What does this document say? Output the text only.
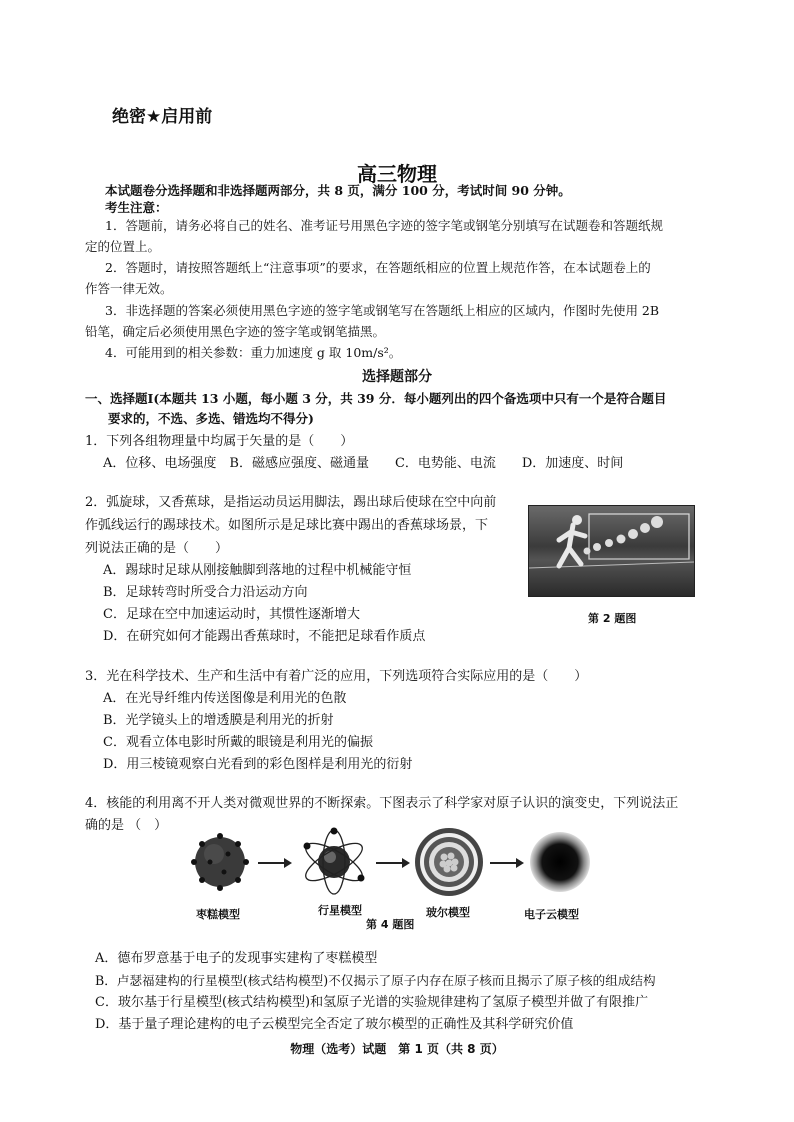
绝密★启用前
高三物理
本试题卷分选择题和非选择题两部分，共 8 页，满分 100 分，考试时间 90 分钟。
考生注意：
1．答题前，请务必将自己的姓名、准考证号用黑色字迹的签字笔或钢笔分别填写在试题卷和答题纸规
定的位置上。
2．答题时，请按照答题纸上“注意事项”的要求，在答题纸相应的位置上规范作答，在本试题卷上的
作答一律无效。
3．非选择题的答案必须使用黑色字迹的签字笔或钢笔写在答题纸上相应的区域内，作图时先使用 2B
铅笔，确定后必须使用黑色字迹的签字笔或钢笔描黑。
4．可能用到的相关参数：重力加速度 g 取 10m/s²。
选择题部分
一、选择题Ⅰ(本题共 13 小题，每小题 3 分，共 39 分．每小题列出的四个备选项中只有一个是符合题目
要求的，不选、多选、错选均不得分)
1．下列各组物理量中均属于矢量的是（　　）
A．位移、电场强度　B．磁感应强度、磁通量　　C．电势能、电流　　D．加速度、时间
2．弧旋球，又香蕉球，是指运动员运用脚法，踢出球后使球在空中向前
作弧线运行的踢球技术。如图所示是足球比赛中踢出的香蕉球场景，下
列说法正确的是（　　）
A．踢球时足球从刚接触脚到落地的过程中机械能守恒
B．足球转弯时所受合力沿运动方向
C．足球在空中加速运动时，其惯性逐渐增大
D．在研究如何才能踢出香蕉球时，不能把足球看作质点
第 2 题图
3．光在科学技术、生产和生活中有着广泛的应用，下列选项符合实际应用的是（　　）
A．在光导纤维内传送图像是利用光的色散
B．光学镜头上的增透膜是利用光的折射
C．观看立体电影时所戴的眼镜是利用光的偏振
D．用三棱镜观察白光看到的彩色图样是利用光的衍射
4．核能的利用离不开人类对微观世界的不断探索。下图表示了科学家对原子认识的演变史，下列说法正
确的是 （　）
枣糕模型	行星模型	玻尔模型	电子云模型
第 4 题图
A．德布罗意基于电子的发现事实建构了枣糕模型
B．卢瑟福建构的行星模型(核式结构模型)不仅揭示了原子内存在原子核而且揭示了原子核的组成结构
C．玻尔基于行星模型(核式结构模型)和氢原子光谱的实验规律建构了氢原子模型并做了有限推广
D．基于量子理论建构的电子云模型完全否定了玻尔模型的正确性及其科学研究价值
物理（选考）试题　第 1 页（共 8 页）
